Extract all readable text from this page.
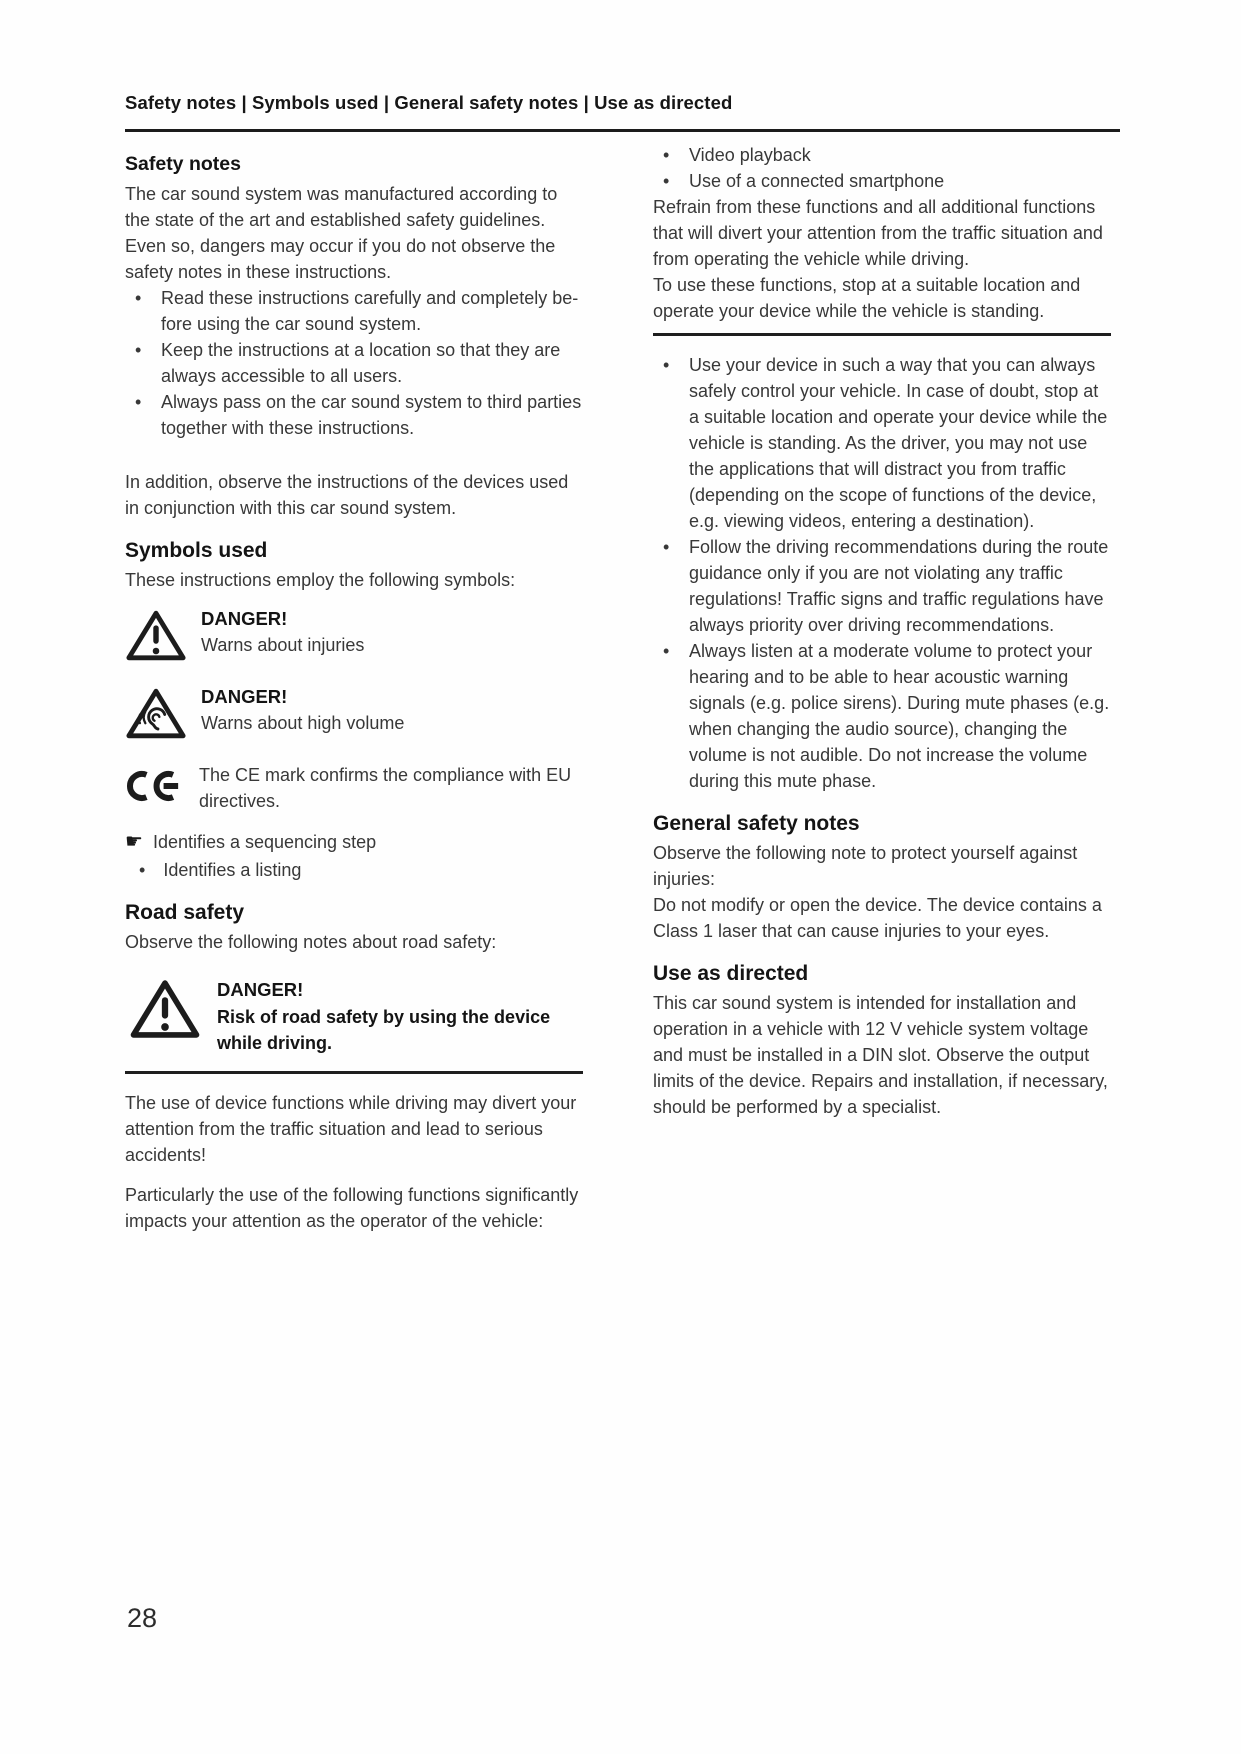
Safety notes | Symbols used | General safety notes | Use as directed
Safety notes

The car sound system was manufactured according to the state of the art and established safety guidelines.

Even so, dangers may occur if you do not observe the safety notes in these instructions.

• Read these instructions carefully and completely be-fore using the car sound system.
• Keep the instructions at a location so that they are always accessible to all users.
• Always pass on the car sound system to third parties together with these instructions.

In addition, observe the instructions of the devices used in conjunction with this car sound system.

Symbols used

These instructions employ the following symbols:

DANGER!
Warns about injuries
DANGER!
Warns about high volume
The CE mark confirms the compliance with EU directives.
☛ Identifies a sequencing step
• Identifies a listing
Road safety

Observe the following notes about road safety:

DANGER!
Risk of road safety by using the device while driving.

The use of device functions while driving may divert your attention from the traffic situation and lead to serious accidents!

Particularly the use of the following functions significantly impacts your attention as the operator of the vehicle:

• Video playback
• Use of a connected smartphone

Refrain from these functions and all additional functions that will divert your attention from the traffic situation and from operating the vehicle while driving.

To use these functions, stop at a suitable location and operate your device while the vehicle is standing.

• Use your device in such a way that you can always safely control your vehicle. In case of doubt, stop at a suitable location and operate your device while the vehicle is standing. As the driver, you may not use the applications that will distract you from traffic (depending on the scope of functions of the device, e.g. viewing videos, entering a destination).
• Follow the driving recommendations during the route guidance only if you are not violating any traffic regulations! Traffic signs and traffic regulations have always priority over driving recommendations.
• Always listen at a moderate volume to protect your hearing and to be able to hear acoustic warning signals (e.g. police sirens). During mute phases (e.g. when changing the audio source), changing the volume is not audible. Do not increase the volume during this mute phase.
General safety notes

Observe the following note to protect yourself against injuries:

Do not modify or open the device. The device contains a Class 1 laser that can cause injuries to your eyes.

Use as directed

This car sound system is intended for installation and operation in a vehicle with 12 V vehicle system voltage and must be installed in a DIN slot. Observe the output limits of the device. Repairs and installation, if necessary, should be performed by a specialist.

28
